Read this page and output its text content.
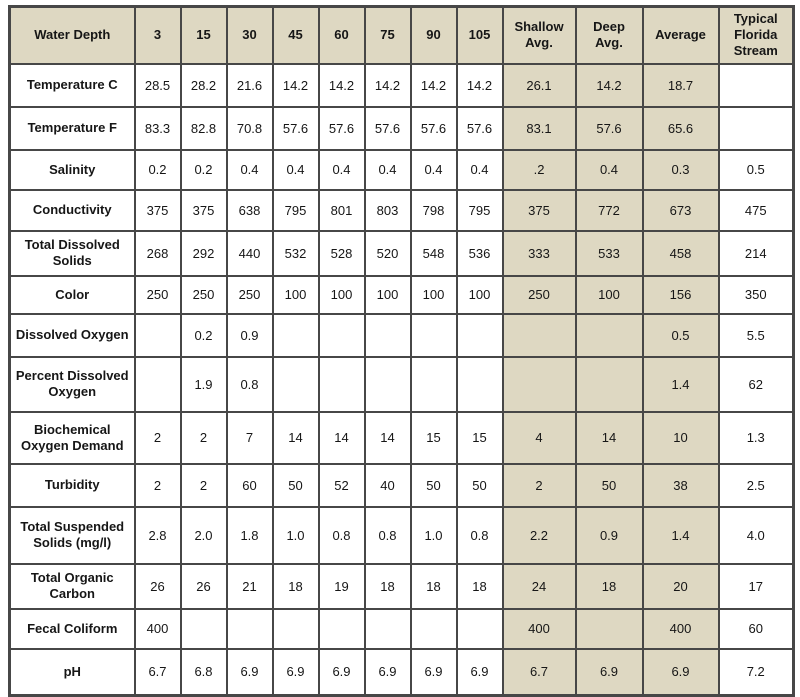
Water Depth	3	15	30	45	60	75	90	105	Shallow Avg.	Deep Avg.	Average	Typical Florida Stream
Temperature C	28.5	28.2	21.6	14.2	14.2	14.2	14.2	14.2	26.1	14.2	18.7	
Temperature F	83.3	82.8	70.8	57.6	57.6	57.6	57.6	57.6	83.1	57.6	65.6	
Salinity	0.2	0.2	0.4	0.4	0.4	0.4	0.4	0.4	.2	0.4	0.3	0.5
Conductivity	375	375	638	795	801	803	798	795	375	772	673	475
Total Dissolved Solids	268	292	440	532	528	520	548	536	333	533	458	214
Color	250	250	250	100	100	100	100	100	250	100	156	350
Dissolved Oxygen		0.2	0.9								0.5	5.5
Percent Dissolved Oxygen		1.9	0.8								1.4	62
Biochemical Oxygen Demand	2	2	7	14	14	14	15	15	4	14	10	1.3
Turbidity	2	2	60	50	52	40	50	50	2	50	38	2.5
Total Suspended Solids (mg/l)	2.8	2.0	1.8	1.0	0.8	0.8	1.0	0.8	2.2	0.9	1.4	4.0
Total Organic Carbon	26	26	21	18	19	18	18	18	24	18	20	17
Fecal Coliform	400								400		400	60
pH	6.7	6.8	6.9	6.9	6.9	6.9	6.9	6.9	6.7	6.9	6.9	7.2
